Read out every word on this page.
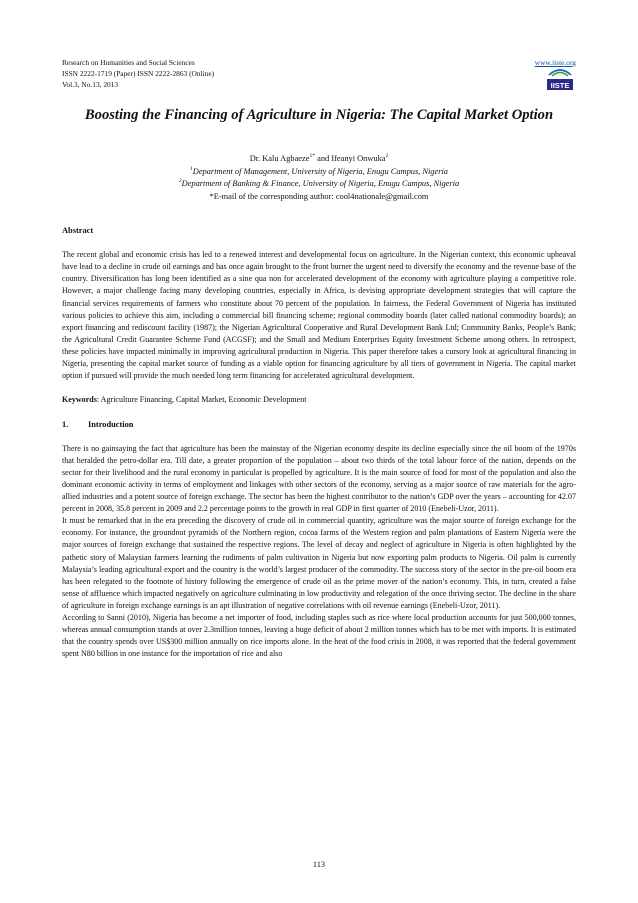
Research on Humanities and Social Sciences	www.iiste.org
ISSN 2222-1719 (Paper) ISSN 2222-2863 (Online)
Vol.3, No.13, 2013	IISTE
Boosting the Financing of Agriculture in Nigeria: The Capital Market Option
Dr. Kalu Agbaeze$^{1*}$ and Ifeanyi Onwuka$^2$
$^1$Department of Management, University of Nigeria, Enugu Campus, Nigeria
$^2$Department of Banking & Finance, University of Nigeria, Enugu Campus, Nigeria
*E-mail of the corresponding author: cool4nationale@gmail.com
Abstract

The recent global and economic crisis has led to a renewed interest and developmental focus on agriculture. In the Nigerian context, this economic upheaval have lead to a decline in crude oil earnings and has once again brought to the front burner the urgent need to diversify the economy and the revenue base of the country. Diversification has long been identified as a sine qua non for accelerated development of the economy with agriculture playing a competitive role. However, a major challenge facing many developing countries, especially in Africa, is devising appropriate development strategies that will capture the financial services requirements of farmers who constitute about 70 percent of the population. In fairness, the Federal Government of Nigeria has instituted various policies to achieve this aim, including a commercial bill financing scheme; regional commodity boards (later called national commodity boards); an export financing and rediscount facility (1987); the Nigerian Agricultural Cooperative and Rural Development Bank Ltd; Community Banks, People’s Bank; the Agricultural Credit Guarantee Scheme Fund (ACGSF); and the Small and Medium Enterprises Equity Investment Scheme among others. In retrospect, these policies have impacted minimally in improving agricultural production in Nigeria. This paper therefore takes a cursory look at agricultural financing in Nigeria, presenting the capital market source of funding as a viable option for financing agriculture by all tiers of government in Nigeria. The capital market option if pursued will provide the much needed long term financing for accelerated agricultural development.

Keywords: Agriculture Financing, Capital Market, Economic Development

1.	Introduction

There is no gainsaying the fact that agriculture has been the mainstay of the Nigerian economy despite its decline especially since the oil boom of the 1970s that heralded the petro-dollar era. Till date, a greater proportion of the population – about two thirds of the total labour force of the nation, depends on the sector for their livelihood and the rural economy in particular is propelled by agriculture. It is the main source of food for most of the population and also the dominant economic activity in terms of employment and linkages with other sectors of the economy, serving as a major source of raw materials for the agro-allied industries and a potent source of foreign exchange. The sector has been the highest contributor to the nation’s GDP over the years – accounting for 42.07 percent in 2008, 35.8 percent in 2009 and 2.2 percentage points to the growth in real GDP in first quarter of 2010 (Enebeli-Uzor, 2011).

It must be remarked that in the era preceding the discovery of crude oil in commercial quantity, agriculture was the major source of foreign exchange for the economy. For instance, the groundnut pyramids of the Northern region, cocoa farms of the Western region and palm plantations of Eastern Nigeria were the major sources of foreign exchange that sustained the respective regions. The level of decay and neglect of agriculture in Nigeria is often highlighted by the pathetic story of Malaysian farmers learning the rudiments of palm cultivation in Nigeria but now exporting palm products to Nigeria. Oil palm is currently Malaysia’s leading agricultural export and the country is the world’s largest producer of the commodity. The success story of the sector in the pre-oil boom era has been relegated to the footnote of history following the emergence of crude oil as the prime mover of the nation’s economy. This, in turn, created a false sense of affluence which impacted negatively on agriculture culminating in low productivity and relegation of the once thriving sector. The decline in the share of agriculture in foreign exchange earnings is an apt illustration of negative correlations with oil revenue earnings (Enebeli-Uzor, 2011).

According to Sanni (2010), Nigeria has become a net importer of food, including staples such as rice where local production accounts for just 500,000 tonnes, whereas annual consumption stands at over 2.3million tonnes, leaving a huge deficit of about 2 million tonnes which has to be met with imports. It is estimated that the country spends over US$300 million annually on rice imports alone. In the heat of the food crisis in 2008, it was reported that the federal government spent N80 billion in one instance for the importation of rice and also

113
